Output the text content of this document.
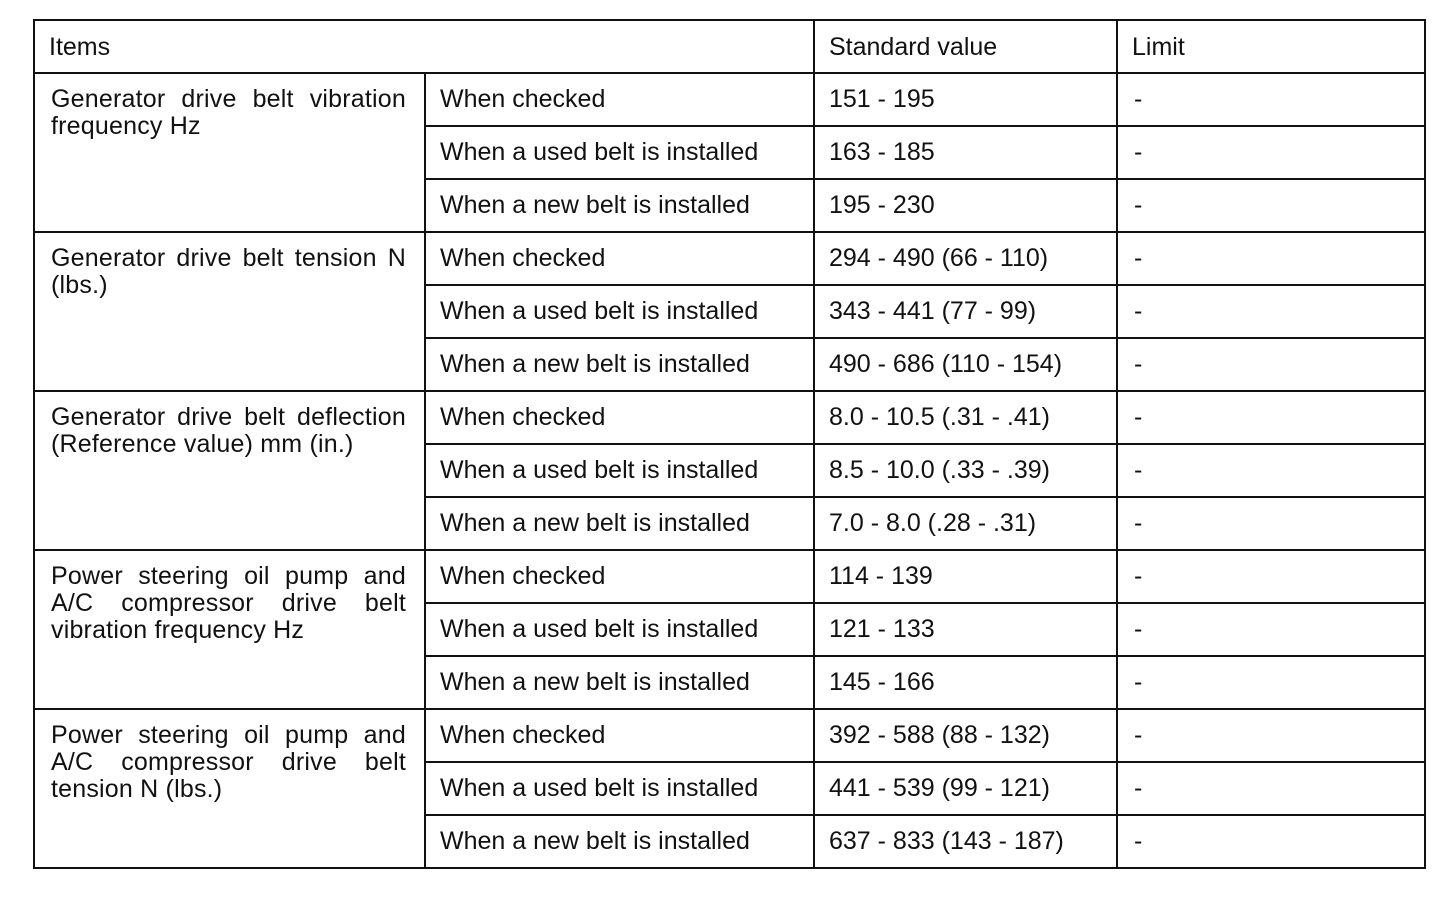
Items		Standard value	Limit

Generator drive belt vibration frequency Hz	When checked	151 - 195	-

	When a used belt is installed	163 - 185	-

	When a new belt is installed	195 - 230	-

Generator drive belt tension N (lbs.)	When checked	294 - 490 (66 - 110)	-

	When a used belt is installed	343 - 441 (77 - 99)	-

	When a new belt is installed	490 - 686 (110 - 154)	-

Generator drive belt deflection (Reference value) mm (in.)	When checked	8.0 - 10.5 (.31 - .41)	-

	When a used belt is installed	8.5 - 10.0 (.33 - .39)	-

	When a new belt is installed	7.0 - 8.0 (.28 - .31)	-

Power steering oil pump and A/C compressor drive belt vibration frequency Hz	When checked	114 - 139	-

	When a used belt is installed	121 - 133	-

	When a new belt is installed	145 - 166	-

Power steering oil pump and A/C compressor drive belt tension N (lbs.)	When checked	392 - 588 (88 - 132)	-

	When a used belt is installed	441 - 539 (99 - 121)	-

	When a new belt is installed	637 - 833 (143 - 187)	-
